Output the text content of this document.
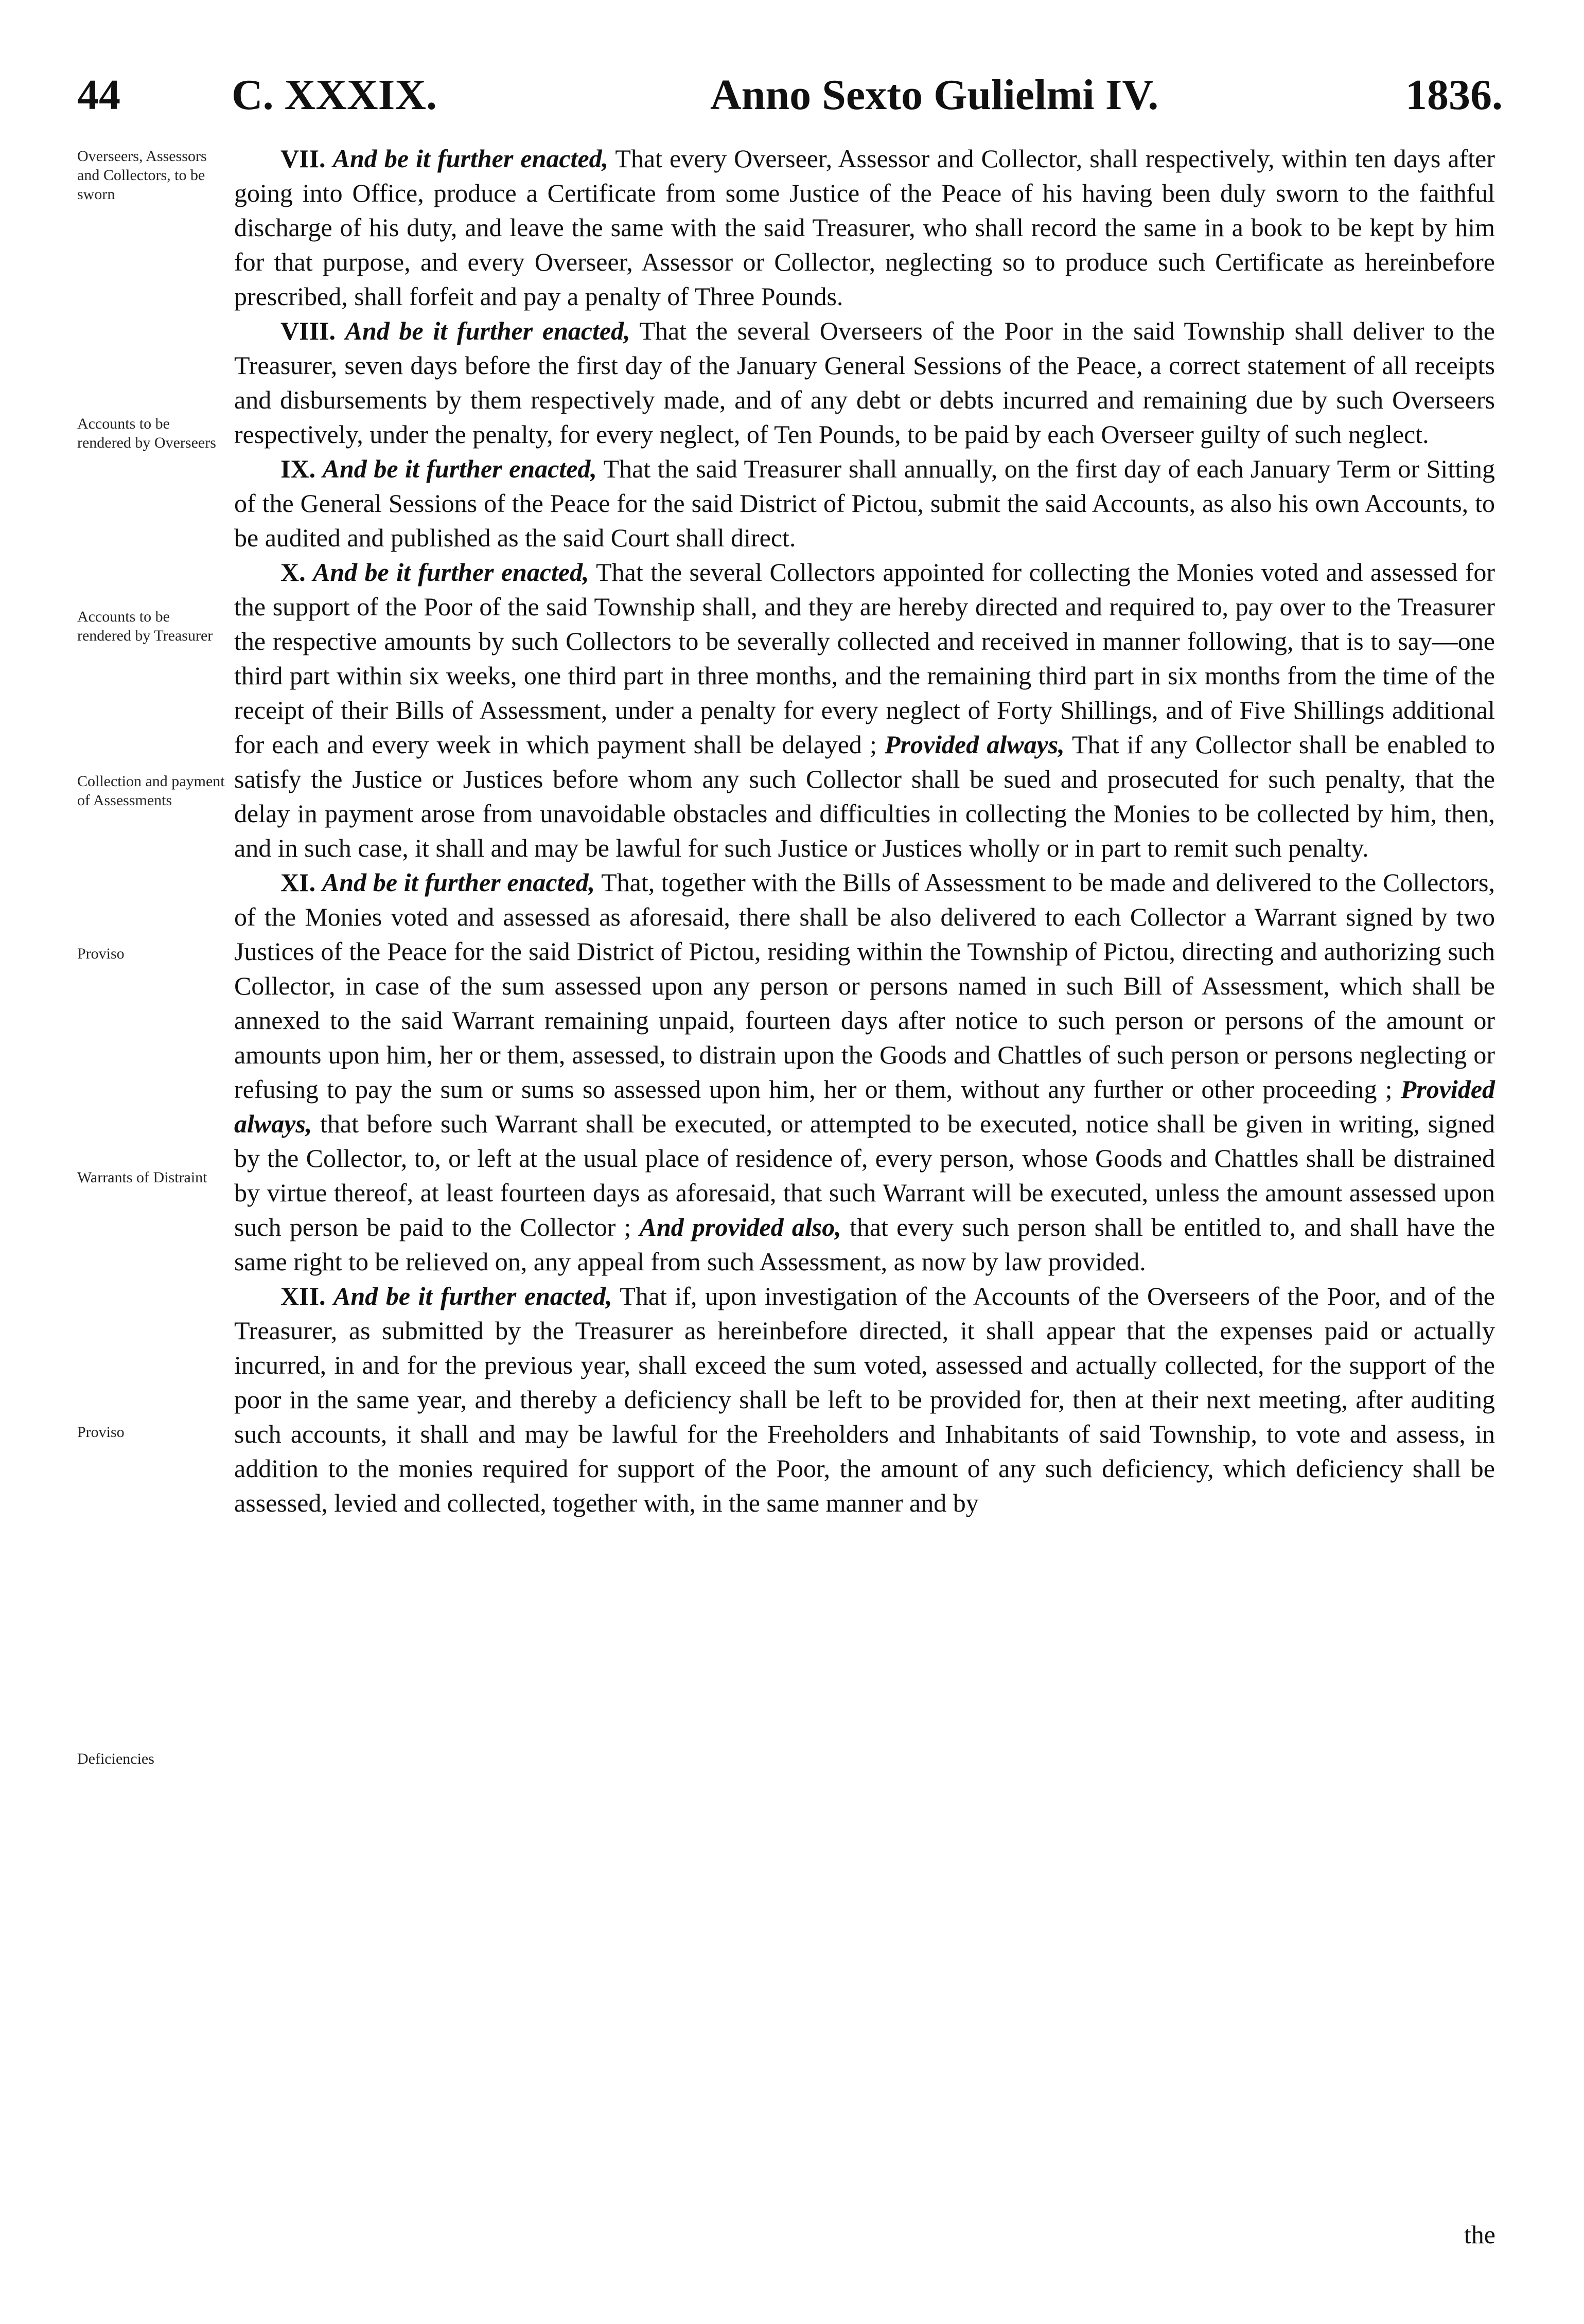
44	C. XXXIX.	Anno Sexto Gulielmi IV.	1836.
Overseers, Assessors and Collectors, to be sworn
Accounts to be rendered by Overseers
Accounts to be rendered by Treasurer
Collection and payment of Assessments
Proviso
Warrants of Distraint
Proviso
Deficiencies

VII. And be it further enacted, That every Overseer, Assessor and Collector, shall respectively, within ten days after going into Office, produce a Certificate from some Justice of the Peace of his having been duly sworn to the faithful discharge of his duty, and leave the same with the said Treasurer, who shall record the same in a book to be kept by him for that purpose, and every Overseer, Assessor or Collector, neglecting so to produce such Certificate as hereinbefore prescribed, shall forfeit and pay a penalty of Three Pounds.

VIII. And be it further enacted, That the several Overseers of the Poor in the said Township shall deliver to the Treasurer, seven days before the first day of the January General Sessions of the Peace, a correct statement of all receipts and disbursements by them respectively made, and of any debt or debts incurred and remaining due by such Overseers respectively, under the penalty, for every neglect, of Ten Pounds, to be paid by each Overseer guilty of such neglect.

IX. And be it further enacted, That the said Treasurer shall annually, on the first day of each January Term or Sitting of the General Sessions of the Peace for the said District of Pictou, submit the said Accounts, as also his own Accounts, to be audited and published as the said Court shall direct.

X. And be it further enacted, That the several Collectors appointed for collecting the Monies voted and assessed for the support of the Poor of the said Township shall, and they are hereby directed and required to, pay over to the Treasurer the respective amounts by such Collectors to be severally collected and received in manner following, that is to say—one third part within six weeks, one third part in three months, and the remaining third part in six months from the time of the receipt of their Bills of Assessment, under a penalty for every neglect of Forty Shillings, and of Five Shillings additional for each and every week in which payment shall be delayed ; Provided always, That if any Collector shall be enabled to satisfy the Justice or Justices before whom any such Collector shall be sued and prosecuted for such penalty, that the delay in payment arose from unavoidable obstacles and difficulties in collecting the Monies to be collected by him, then, and in such case, it shall and may be lawful for such Justice or Justices wholly or in part to remit such penalty.

XI. And be it further enacted, That, together with the Bills of Assessment to be made and delivered to the Collectors, of the Monies voted and assessed as aforesaid, there shall be also delivered to each Collector a Warrant signed by two Justices of the Peace for the said District of Pictou, residing within the Township of Pictou, directing and authorizing such Collector, in case of the sum assessed upon any person or persons named in such Bill of Assessment, which shall be annexed to the said Warrant remaining unpaid, fourteen days after notice to such person or persons of the amount or amounts upon him, her or them, assessed, to distrain upon the Goods and Chattles of such person or persons neglecting or refusing to pay the sum or sums so assessed upon him, her or them, without any further or other proceeding ; Provided always, that before such Warrant shall be executed, or attempted to be executed, notice shall be given in writing, signed by the Collector, to, or left at the usual place of residence of, every person, whose Goods and Chattles shall be distrained by virtue thereof, at least fourteen days as aforesaid, that such Warrant will be executed, unless the amount assessed upon such person be paid to the Collector ; And provided also, that every such person shall be entitled to, and shall have the same right to be relieved on, any appeal from such Assessment, as now by law provided.

XII. And be it further enacted, That if, upon investigation of the Accounts of the Overseers of the Poor, and of the Treasurer, as submitted by the Treasurer as hereinbefore directed, it shall appear that the expenses paid or actually incurred, in and for the previous year, shall exceed the sum voted, assessed and actually collected, for the support of the poor in the same year, and thereby a deficiency shall be left to be provided for, then at their next meeting, after auditing such accounts, it shall and may be lawful for the Freeholders and Inhabitants of said Township, to vote and assess, in addition to the monies required for support of the Poor, the amount of any such deficiency, which deficiency shall be assessed, levied and collected, together with, in the same manner and by

the
